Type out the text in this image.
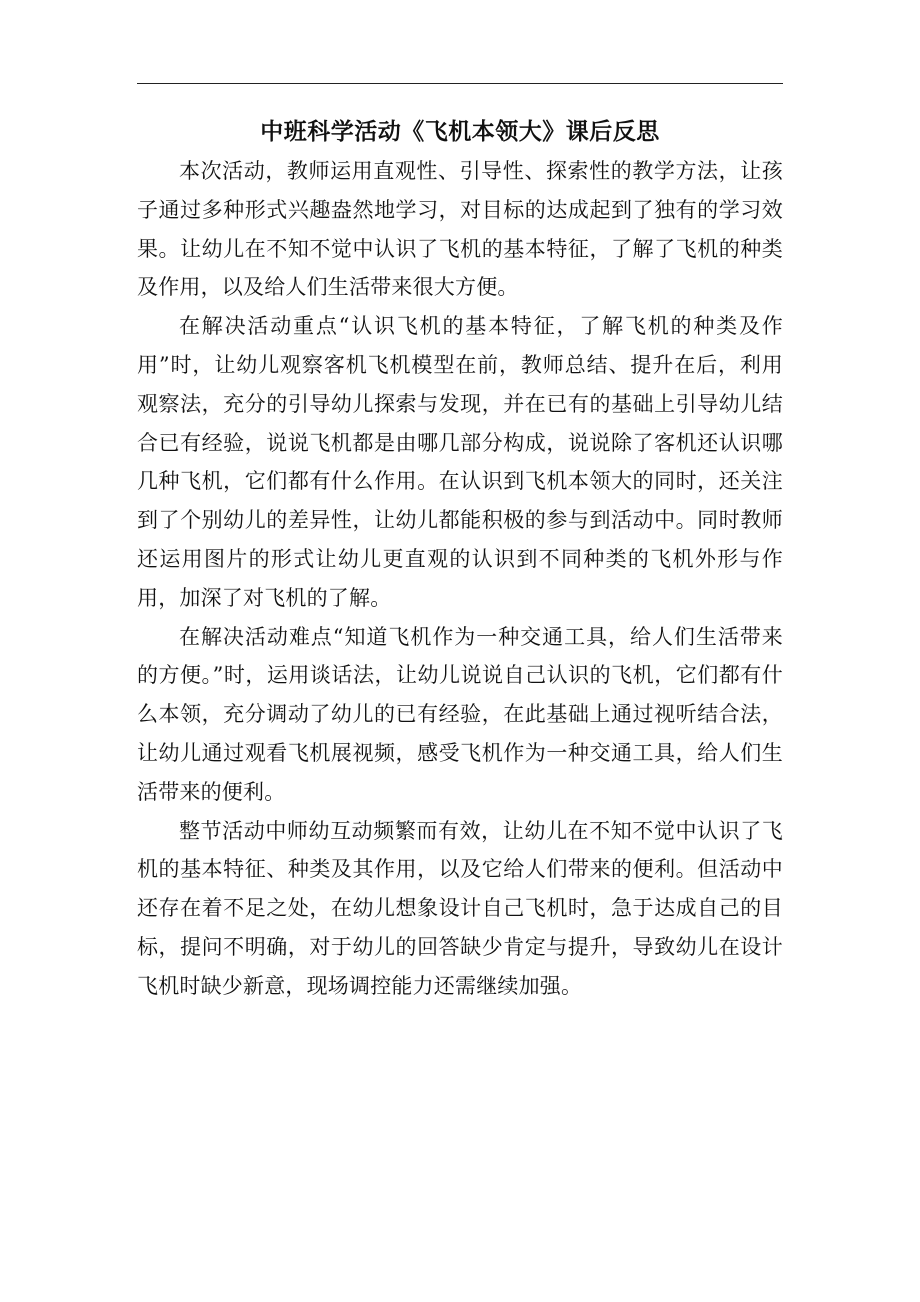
中班科学活动《飞机本领大》课后反思

本次活动，教师运用直观性、引导性、探索性的教学方法，让孩子通过多种形式兴趣盎然地学习，对目标的达成起到了独有的学习效果。让幼儿在不知不觉中认识了飞机的基本特征，了解了飞机的种类及作用，以及给人们生活带来很大方便。

在解决活动重点“认识飞机的基本特征，了解飞机的种类及作用”时，让幼儿观察客机飞机模型在前，教师总结、提升在后，利用观察法，充分的引导幼儿探索与发现，并在已有的基础上引导幼儿结合已有经验，说说飞机都是由哪几部分构成，说说除了客机还认识哪几种飞机，它们都有什么作用。在认识到飞机本领大的同时，还关注到了个别幼儿的差异性，让幼儿都能积极的参与到活动中。同时教师还运用图片的形式让幼儿更直观的认识到不同种类的飞机外形与作用，加深了对飞机的了解。

在解决活动难点“知道飞机作为一种交通工具，给人们生活带来的方便。”时，运用谈话法，让幼儿说说自己认识的飞机，它们都有什么本领，充分调动了幼儿的已有经验，在此基础上通过视听结合法，让幼儿通过观看飞机展视频，感受飞机作为一种交通工具，给人们生活带来的便利。

整节活动中师幼互动频繁而有效，让幼儿在不知不觉中认识了飞机的基本特征、种类及其作用，以及它给人们带来的便利。但活动中还存在着不足之处，在幼儿想象设计自己飞机时，急于达成自己的目标，提问不明确，对于幼儿的回答缺少肯定与提升，导致幼儿在设计飞机时缺少新意，现场调控能力还需继续加强。
